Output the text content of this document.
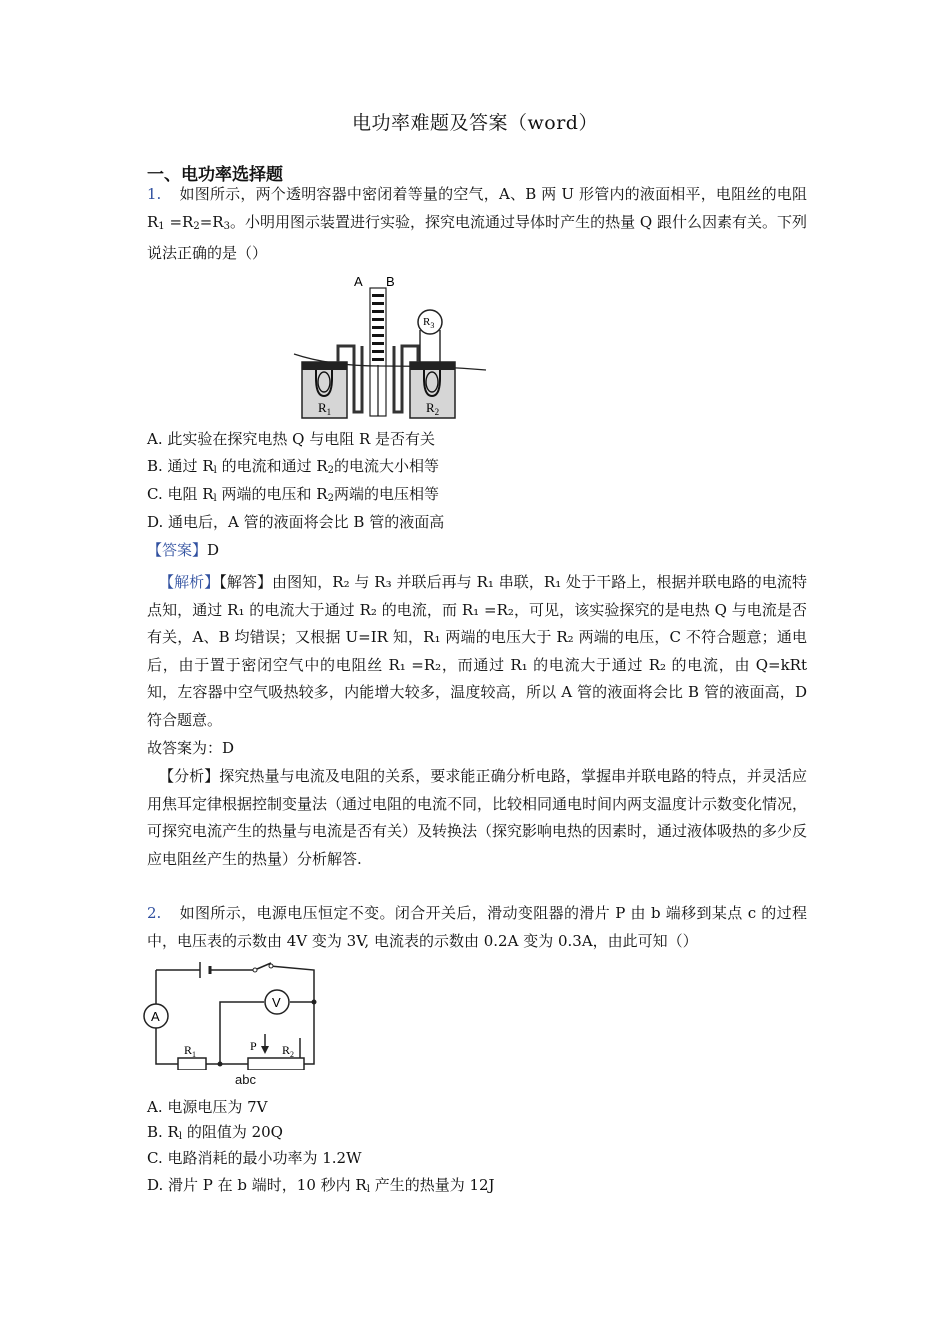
电功率难题及答案（word）
一、电功率选择题
1. 如图所示，两个透明容器中密闭着等量的空气，A、B 两 U 形管内的液面相平，电阻丝的电阻 $R_1 =R_2=R_3$。小明用图示装置进行实验，探究电流通过导体时产生的热量 Q 跟什么因素有关。下列说法正确的是（）
A B
$R_1$	$R_2$
$R_3$
A. 此实验在探究电热 Q 与电阻 R 是否有关
B. 通过 $R_l$ 的电流和通过 $R_2$的电流大小相等
C. 电阻 $R_l$ 两端的电压和 $R_2$两端的电压相等
D. 通电后，A 管的液面将会比 B 管的液面高
【答案】D
【解析】【解答】由图知，R₂ 与 R₃ 并联后再与 R₁ 串联，R₁ 处于干路上，根据并联电路的电流特点知，通过 R₁ 的电流大于通过 R₂ 的电流，而 R₁ =R₂，可见，该实验探究的是电热 Q 与电流是否有关，A、B 均错误；又根据 U=IR 知，R₁ 两端的电压大于 R₂ 两端的电压，C 不符合题意；通电后，由于置于密闭空气中的电阻丝 R₁ =R₂，而通过 R₁ 的电流大于通过 R₂ 的电流，由 Q=kRt 知，左容器中空气吸热较多，内能增大较多，温度较高，所以 A 管的液面将会比 B 管的液面高，D 符合题意。
故答案为：D
【分析】探究热量与电流及电阻的关系，要求能正确分析电路，掌握串并联电路的特点，并灵活应用焦耳定律根据控制变量法（通过电阻的电流不同，比较相同通电时间内两支温度计示数变化情况，可探究电流产生的热量与电流是否有关）及转换法（探究影响电热的因素时，通过液体吸热的多少反应电阻丝产生的热量）分析解答.
2. 如图所示，电源电压恒定不变。闭合开关后，滑动变阻器的滑片 P 由 b 端移到某点 c 的过程中，电压表的示数由 4V 变为 3V, 电流表的示数由 0.2A 变为 0.3A，由此可知（）
A
V
$R_1$
P $R_2$
abc
A. 电源电压为 7V
B. $R_l$ 的阻值为 20Q
C. 电路消耗的最小功率为 1.2W
D. 滑片 P 在 b 端时，10 秒内 $R_l$ 产生的热量为 12J
